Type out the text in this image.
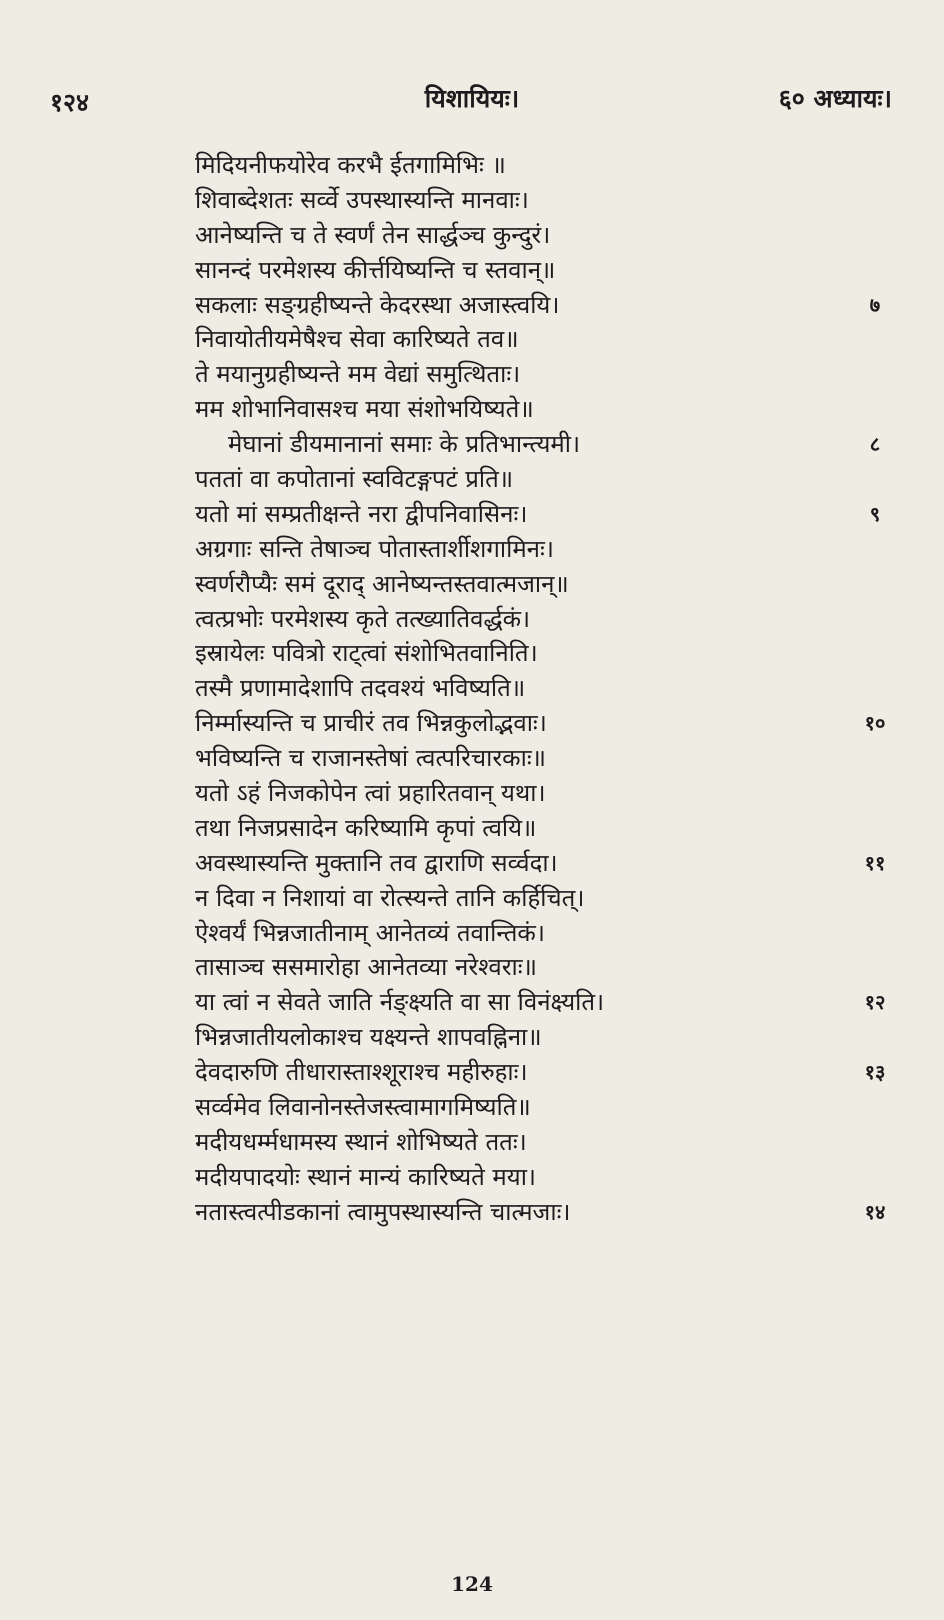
१२४	यिशायियः।	६० अध्यायः।
मिदियनीफयोरेव करभै ईतगामिभिः ॥
शिवाब्देशतः सर्व्वे उपस्थास्यन्ति मानवाः।
आनेष्यन्ति च ते स्वर्णं तेन सार्द्धञ्च कुन्दुरं।
सानन्दं परमेशस्य कीर्त्तयिष्यन्ति च स्तवान्॥
सकलाः सङ्ग्रहीष्यन्ते केदरस्था अजास्त्वयि।	७
निवायोतीयमेषैश्च सेवा कारिष्यते तव॥
ते मयानुग्रहीष्यन्ते मम वेद्यां समुत्थिताः।
मम शोभानिवासश्च मया संशोभयिष्यते॥
मेघानां डीयमानानां समाः के प्रतिभान्त्यमी।	८
पततां वा कपोतानां स्वविटङ्गपटं प्रति॥
यतो मां सम्प्रतीक्षन्ते नरा द्वीपनिवासिनः।	९
अग्रगाः सन्ति तेषाञ्च पोतास्तार्शीशगामिनः।
स्वर्णरौप्यैः समं दूराद् आनेष्यन्तस्तवात्मजान्॥
त्वत्प्रभोः परमेशस्य कृते तत्ख्यातिवर्द्धकं।
इस्रायेलः पवित्रो राट्त्वां संशोभितवानिति।
तस्मै प्रणामादेशापि तदवश्यं भविष्यति॥
निर्म्मास्यन्ति च प्राचीरं तव भिन्नकुलोद्भवाः।	१०
भविष्यन्ति च राजानस्तेषां त्वत्परिचारकाः॥
यतो ऽहं निजकोपेन त्वां प्रहारितवान् यथा।
तथा निजप्रसादेन करिष्यामि कृपां त्वयि॥
अवस्थास्यन्ति मुक्तानि तव द्वाराणि सर्व्वदा।	११
न दिवा न निशायां वा रोत्स्यन्ते तानि कर्हिचित्।
ऐश्वर्यं भिन्नजातीनाम् आनेतव्यं तवान्तिकं।
तासाञ्च ससमारोहा आनेतव्या नरेश्वराः॥
या त्वां न सेवते जाति र्नङ्क्ष्यति वा सा विनंक्ष्यति।	१२
भिन्नजातीयलोकाश्च यक्ष्यन्ते शापवह्निना॥
देवदारुणि तीधारास्ताश्शूराश्च महीरुहाः।	१३
सर्व्वमेव लिवानोनस्तेजस्त्वामागमिष्यति॥
मदीयधर्म्मधामस्य स्थानं शोभिष्यते ततः।
मदीयपादयोः स्थानं मान्यं कारिष्यते मया।
नतास्त्वत्पीडकानां त्वामुपस्थास्यन्ति चात्मजाः।	१४
124
